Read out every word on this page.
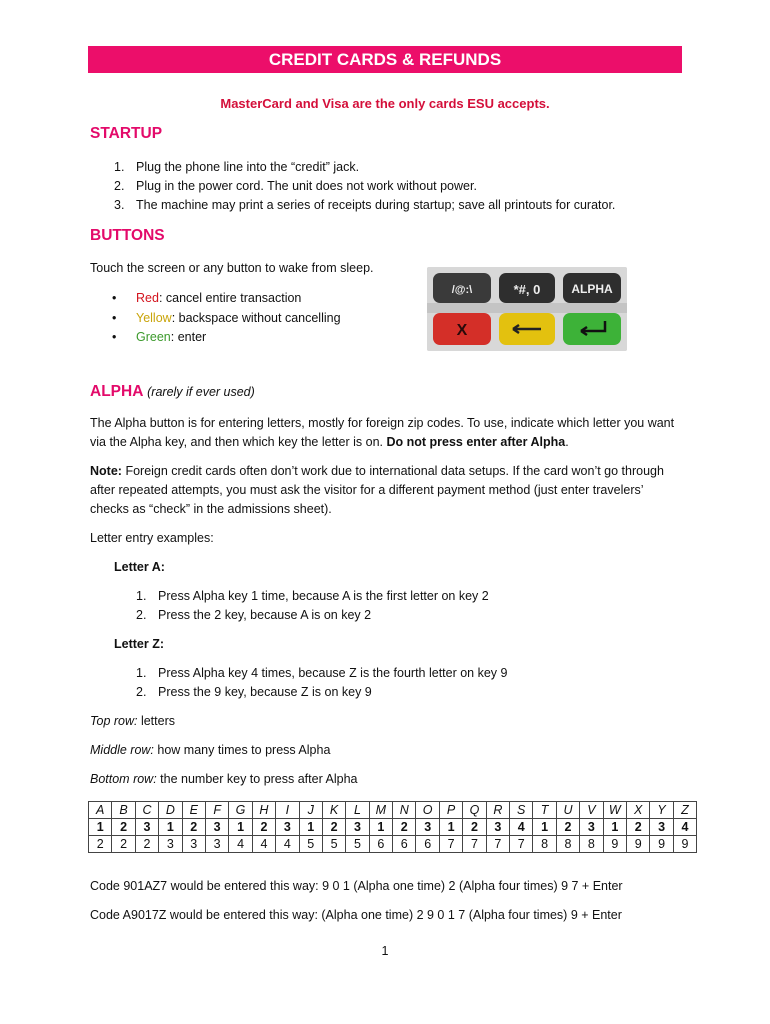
CREDIT CARDS & REFUNDS
MasterCard and Visa are the only cards ESU accepts.
STARTUP
1. Plug the phone line into the “credit” jack.
2. Plug in the power cord. The unit does not work without power.
3. The machine may print a series of receipts during startup; save all printouts for curator.
BUTTONS
Touch the screen or any button to wake from sleep.
• Red: cancel entire transaction
• Yellow: backspace without cancelling
• Green: enter
/@:\	*#, 0	ALPHA
X
ALPHA (rarely if ever used)
The Alpha button is for entering letters, mostly for foreign zip codes. To use, indicate which letter you want via the Alpha key, and then which key the letter is on. Do not press enter after Alpha.
Note: Foreign credit cards often don’t work due to international data setups. If the card won’t go through after repeated attempts, you must ask the visitor for a different payment method (just enter travelers’ checks as “check” in the admissions sheet).
Letter entry examples:
Letter A:
1. Press Alpha key 1 time, because A is the first letter on key 2
2. Press the 2 key, because A is on key 2
Letter Z:
1. Press Alpha key 4 times, because Z is the fourth letter on key 9
2. Press the 9 key, because Z is on key 9
Top row: letters
Middle row: how many times to press Alpha
Bottom row: the number key to press after Alpha
A	B	C	D	E	F	G	H	I	J	K	L	M	N	O	P	Q	R	S	T	U	V	W	X	Y	Z
1	2	3	1	2	3	1	2	3	1	2	3	1	2	3	1	2	3	4	1	2	3	1	2	3	4
2	2	2	3	3	3	4	4	4	5	5	5	6	6	6	7	7	7	7	8	8	8	9	9	9	9
Code 901AZ7 would be entered this way: 9 0 1 (Alpha one time) 2 (Alpha four times) 9 7 + Enter
Code A9017Z would be entered this way: (Alpha one time) 2 9 0 1 7 (Alpha four times) 9 + Enter
1
